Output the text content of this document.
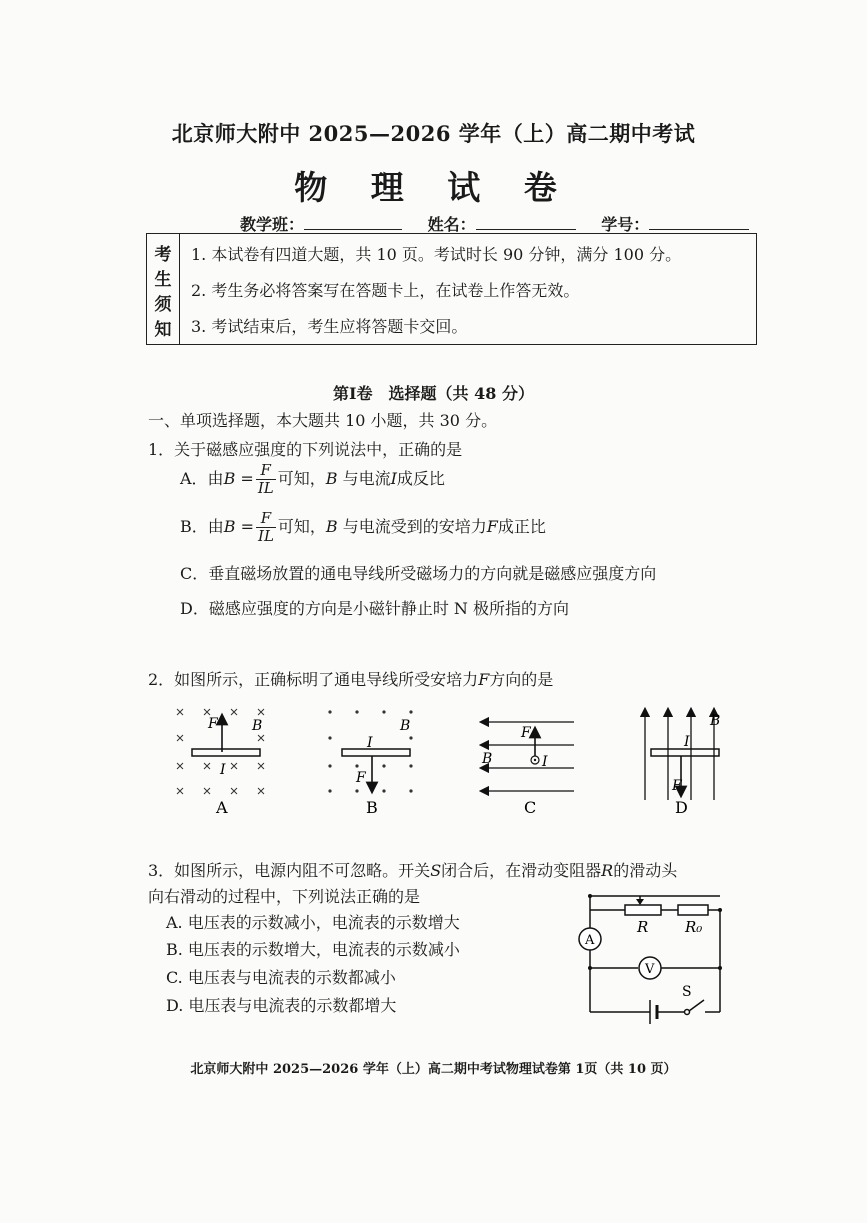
北京师大附中 2025—2026 学年（上）高二期中考试
物 理 试 卷
教学班：	姓名：	学号：
考
生
须
知
1. 本试卷有四道大题，共 10 页。考试时长 90 分钟，满分 100 分。
2. 考生务必将答案写在答题卡上，在试卷上作答无效。
3. 考试结束后，考生应将答题卡交回。
第I卷　选择题（共 48 分）
一、单项选择题，本大题共 10 小题，共 30 分。
1．关于磁感应强度的下列说法中，正确的是
A．由$B = \frac{F}{IL}$ 可知，B 与电流I成反比
B．由$B = \frac{F}{IL}$ 可知，B 与电流受到的安培力F成正比
C．垂直磁场放置的通电导线所受磁场力的方向就是磁感应强度方向
D．磁感应强度的方向是小磁针静止时 N 极所指的方向
2．如图所示，正确标明了通电导线所受安培力F方向的是
F B
I
A
I
B
F
B
F
B	I
C
B
I
F
D
3．如图所示，电源内阻不可忽略。开关S闭合后，在滑动变阻器R的滑动头
向右滑动的过程中，下列说法正确的是
A. 电压表的示数减小，电流表的示数增大
B. 电压表的示数增大，电流表的示数减小
C. 电压表与电流表的示数都减小
D. 电压表与电流表的示数都增大
A
V
R R₀
S
北京师大附中 2025—2026 学年（上）高二期中考试物理试卷第 1页（共 10 页）
